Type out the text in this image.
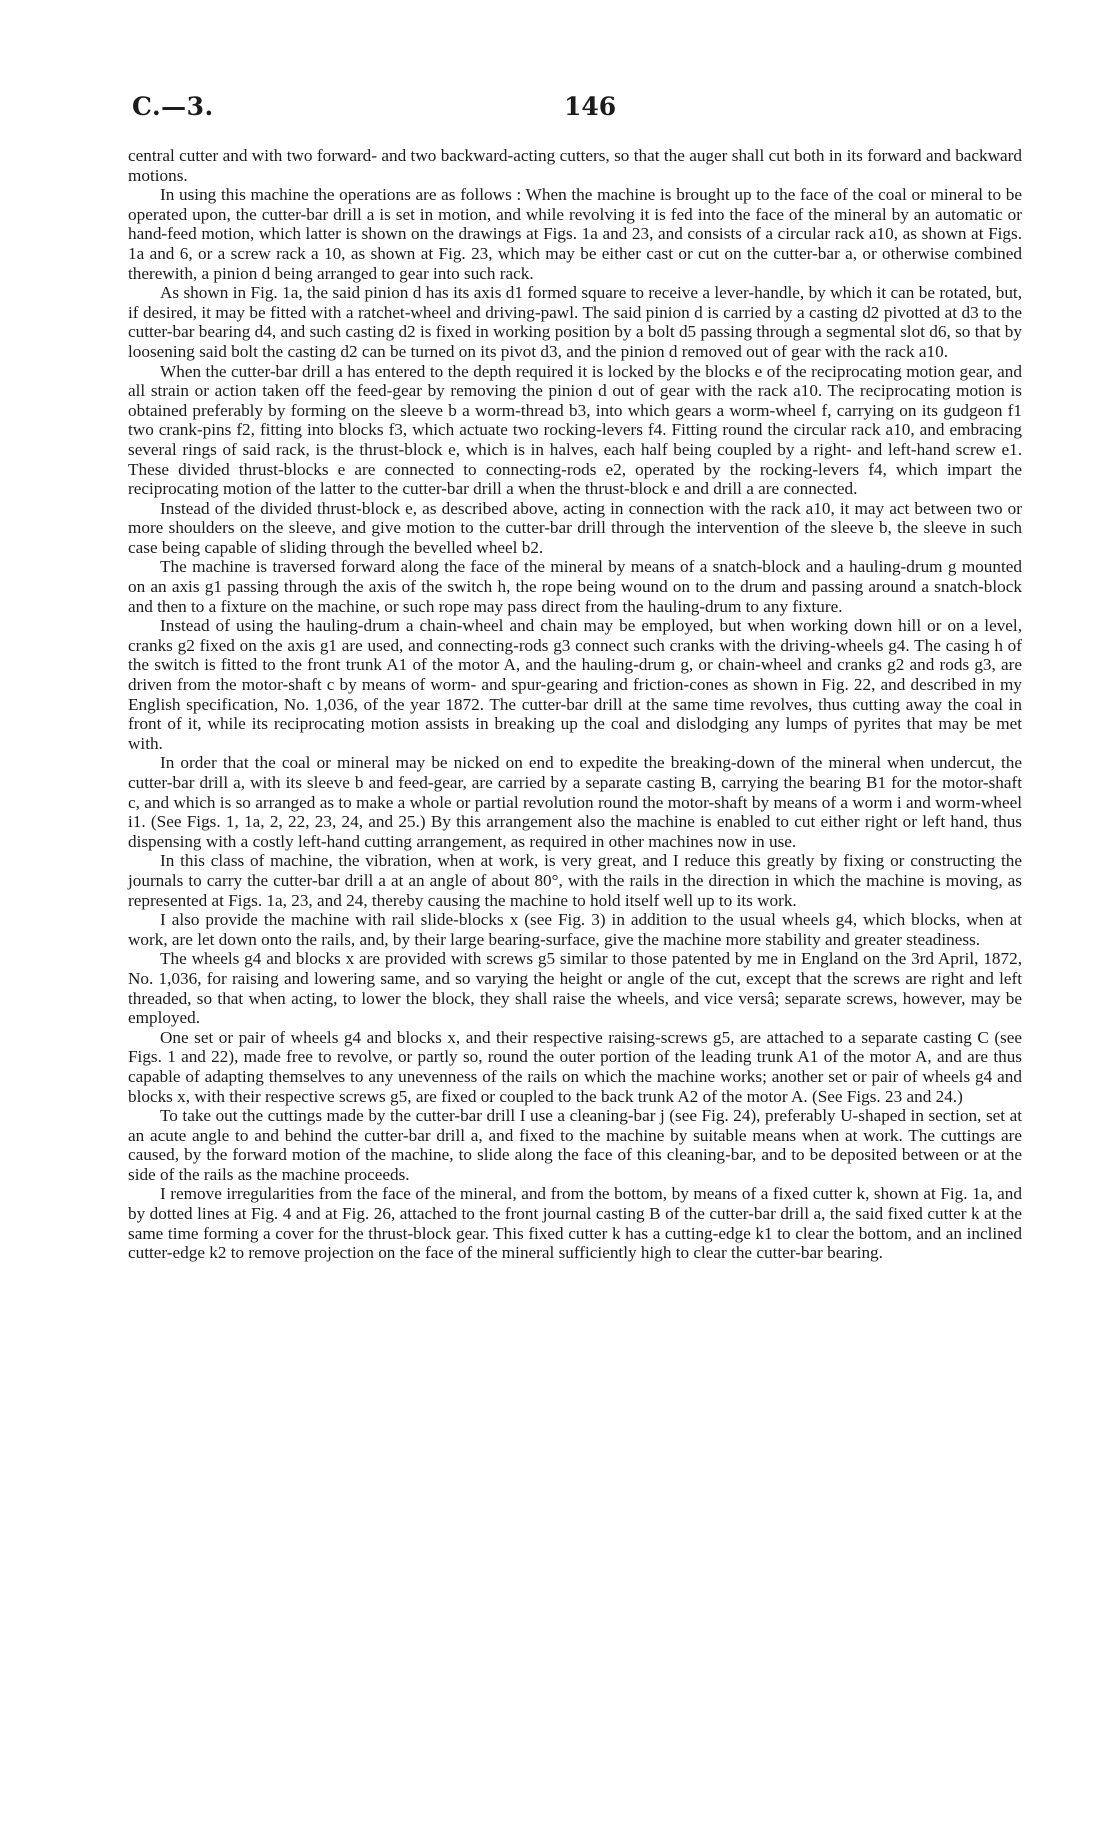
C.—3.	146

central cutter and with two forward- and two backward-acting cutters, so that the auger shall cut both in its forward and backward motions.

In using this machine the operations are as follows : When the machine is brought up to the face of the coal or mineral to be operated upon, the cutter-bar drill a is set in motion, and while revolving it is fed into the face of the mineral by an automatic or hand-feed motion, which latter is shown on the drawings at Figs. 1a and 23, and consists of a circular rack a10, as shown at Figs. 1a and 6, or a screw rack a 10, as shown at Fig. 23, which may be either cast or cut on the cutter-bar a, or otherwise combined therewith, a pinion d being arranged to gear into such rack.

As shown in Fig. 1a, the said pinion d has its axis d1 formed square to receive a lever-handle, by which it can be rotated, but, if desired, it may be fitted with a ratchet-wheel and driving-pawl. The said pinion d is carried by a casting d2 pivotted at d3 to the cutter-bar bearing d4, and such casting d2 is fixed in working position by a bolt d5 passing through a segmental slot d6, so that by loosening said bolt the casting d2 can be turned on its pivot d3, and the pinion d removed out of gear with the rack a10.

When the cutter-bar drill a has entered to the depth required it is locked by the blocks e of the reciprocating motion gear, and all strain or action taken off the feed-gear by removing the pinion d out of gear with the rack a10. The reciprocating motion is obtained preferably by forming on the sleeve b a worm-thread b3, into which gears a worm-wheel f, carrying on its gudgeon f1 two crank-pins f2, fitting into blocks f3, which actuate two rocking-levers f4. Fitting round the circular rack a10, and embracing several rings of said rack, is the thrust-block e, which is in halves, each half being coupled by a right- and left-hand screw e1. These divided thrust-blocks e are connected to connecting-rods e2, operated by the rocking-levers f4, which impart the reciprocating motion of the latter to the cutter-bar drill a when the thrust-block e and drill a are connected.

Instead of the divided thrust-block e, as described above, acting in connection with the rack a10, it may act between two or more shoulders on the sleeve, and give motion to the cutter-bar drill through the intervention of the sleeve b, the sleeve in such case being capable of sliding through the bevelled wheel b2.

The machine is traversed forward along the face of the mineral by means of a snatch-block and a hauling-drum g mounted on an axis g1 passing through the axis of the switch h, the rope being wound on to the drum and passing around a snatch-block and then to a fixture on the machine, or such rope may pass direct from the hauling-drum to any fixture.

Instead of using the hauling-drum a chain-wheel and chain may be employed, but when working down hill or on a level, cranks g2 fixed on the axis g1 are used, and connecting-rods g3 connect such cranks with the driving-wheels g4. The casing h of the switch is fitted to the front trunk A1 of the motor A, and the hauling-drum g, or chain-wheel and cranks g2 and rods g3, are driven from the motor-shaft c by means of worm- and spur-gearing and friction-cones as shown in Fig. 22, and described in my English specification, No. 1,036, of the year 1872. The cutter-bar drill at the same time revolves, thus cutting away the coal in front of it, while its reciprocating motion assists in breaking up the coal and dislodging any lumps of pyrites that may be met with.

In order that the coal or mineral may be nicked on end to expedite the breaking-down of the mineral when undercut, the cutter-bar drill a, with its sleeve b and feed-gear, are carried by a separate casting B, carrying the bearing B1 for the motor-shaft c, and which is so arranged as to make a whole or partial revolution round the motor-shaft by means of a worm i and worm-wheel i1. (See Figs. 1, 1a, 2, 22, 23, 24, and 25.) By this arrangement also the machine is enabled to cut either right or left hand, thus dispensing with a costly left-hand cutting arrangement, as required in other machines now in use.

In this class of machine, the vibration, when at work, is very great, and I reduce this greatly by fixing or constructing the journals to carry the cutter-bar drill a at an angle of about 80°, with the rails in the direction in which the machine is moving, as represented at Figs. 1a, 23, and 24, thereby causing the machine to hold itself well up to its work.

I also provide the machine with rail slide-blocks x (see Fig. 3) in addition to the usual wheels g4, which blocks, when at work, are let down onto the rails, and, by their large bearing-surface, give the machine more stability and greater steadiness.

The wheels g4 and blocks x are provided with screws g5 similar to those patented by me in England on the 3rd April, 1872, No. 1,036, for raising and lowering same, and so varying the height or angle of the cut, except that the screws are right and left threaded, so that when acting, to lower the block, they shall raise the wheels, and vice versâ; separate screws, however, may be employed.

One set or pair of wheels g4 and blocks x, and their respective raising-screws g5, are attached to a separate casting C (see Figs. 1 and 22), made free to revolve, or partly so, round the outer portion of the leading trunk A1 of the motor A, and are thus capable of adapting themselves to any unevenness of the rails on which the machine works; another set or pair of wheels g4 and blocks x, with their respective screws g5, are fixed or coupled to the back trunk A2 of the motor A. (See Figs. 23 and 24.)

To take out the cuttings made by the cutter-bar drill I use a cleaning-bar j (see Fig. 24), preferably U-shaped in section, set at an acute angle to and behind the cutter-bar drill a, and fixed to the machine by suitable means when at work. The cuttings are caused, by the forward motion of the machine, to slide along the face of this cleaning-bar, and to be deposited between or at the side of the rails as the machine proceeds.

I remove irregularities from the face of the mineral, and from the bottom, by means of a fixed cutter k, shown at Fig. 1a, and by dotted lines at Fig. 4 and at Fig. 26, attached to the front journal casting B of the cutter-bar drill a, the said fixed cutter k at the same time forming a cover for the thrust-block gear. This fixed cutter k has a cutting-edge k1 to clear the bottom, and an inclined cutter-edge k2 to remove projection on the face of the mineral sufficiently high to clear the cutter-bar bearing.
